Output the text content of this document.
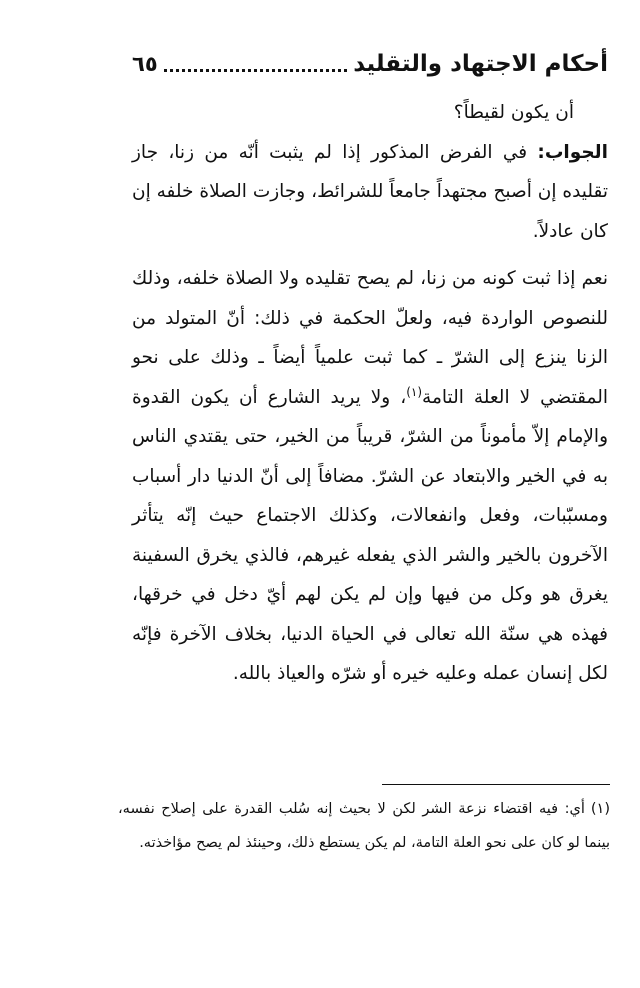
أحكام الاجتهاد والتقليد
٦٥

أن يكون لقيطاً؟

الجواب: في الفرض المذكور إذا لم يثبت أنّه من زنا، جاز تقليده إن أصبح مجتهداً جامعاً للشرائط، وجازت الصلاة خلفه إن كان عادلاً.

نعم إذا ثبت كونه من زنا، لم يصح تقليده ولا الصلاة خلفه، وذلك للنصوص الواردة فيه، ولعلّ الحكمة في ذلك: أنّ المتولد من الزنا ينزع إلى الشرّ ـ كما ثبت علمياً أيضاً ـ وذلك على نحو المقتضي لا العلة التامة$^{(١)}$، ولا يريد الشارع أن يكون القدوة والإمام إلاّ مأموناً من الشرّ، قريباً من الخير، حتى يقتدي الناس به في الخير والابتعاد عن الشرّ. مضافاً إلى أنّ الدنيا دار أسباب ومسبّبات، وفعل وانفعالات، وكذلك الاجتماع حيث إنّه يتأثر الآخرون بالخير والشر الذي يفعله غيرهم، فالذي يخرق السفينة يغرق هو وكل من فيها وإن لم يكن لهم أيّ دخل في خرقها، فهذه هي سنّة الله تعالى في الحياة الدنيا، بخلاف الآخرة فإنّه لكل إنسان عمله وعليه خيره أو شرّه والعياذ بالله.

(١)أي: فيه اقتضاء نزعة الشر لكن لا بحيث إنه سُلب القدرة على إصلاح نفسه، بينما لو كان على نحو العلة التامة، لم يكن يستطع ذلك، وحينئذ لم يصح مؤاخذته.
